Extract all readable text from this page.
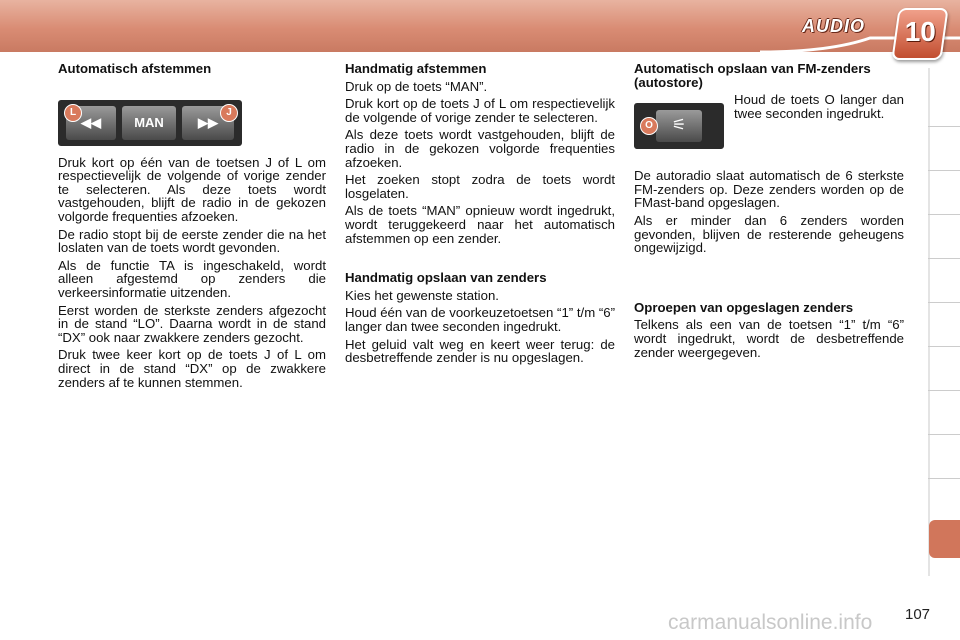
AUDIO 10
Automatisch afstemmen
◀◀	MAN	▶▶
L	J

Druk kort op één van de toetsen J of L om respectievelijk de volgende of vorige zender te selecteren. Als deze toets wordt vastgehouden, blijft de radio in de gekozen volgorde frequenties afzoeken.

De radio stopt bij de eerste zender die na het loslaten van de toets wordt gevonden.

Als de functie TA is ingeschakeld, wordt alleen afgestemd op zenders die verkeersinformatie uitzenden.

Eerst worden de sterkste zenders afgezocht in de stand “LO”. Daarna wordt in de stand “DX” ook naar zwakkere zenders gezocht.

Druk twee keer kort op de toets J of L om direct in de stand “DX” op de zwakkere zenders af te kunnen stemmen.

Handmatig afstemmen

Druk op de toets “MAN”.

Druk kort op de toets J of L om respectievelijk de volgende of vorige zender te selecteren.

Als deze toets wordt vastgehouden, blijft de radio in de gekozen volgorde frequenties afzoeken.

Het zoeken stopt zodra de toets wordt losgelaten.

Als de toets “MAN” opnieuw wordt ingedrukt, wordt teruggekeerd naar het automatisch afstemmen op een zender.

Handmatig opslaan van zenders

Kies het gewenste station.

Houd één van de voorkeuzetoetsen “1” t/m “6” langer dan twee seconden ingedrukt.

Het geluid valt weg en keert weer terug: de desbetreffende zender is nu opgeslagen.

Automatisch opslaan van FM-zenders (autostore)
⚟
O

Houd de toets O langer dan twee seconden ingedrukt.

De autoradio slaat automatisch de 6 sterkste FM-zenders op. Deze zenders worden op de FMast-band opgeslagen.

Als er minder dan 6 zenders worden gevonden, blijven de resterende geheugens ongewijzigd.

Oproepen van opgeslagen zenders

Telkens als een van de toetsen “1” t/m “6” wordt ingedrukt, wordt de desbetreffende zender weergegeven.

carmanualsonline.info 107
